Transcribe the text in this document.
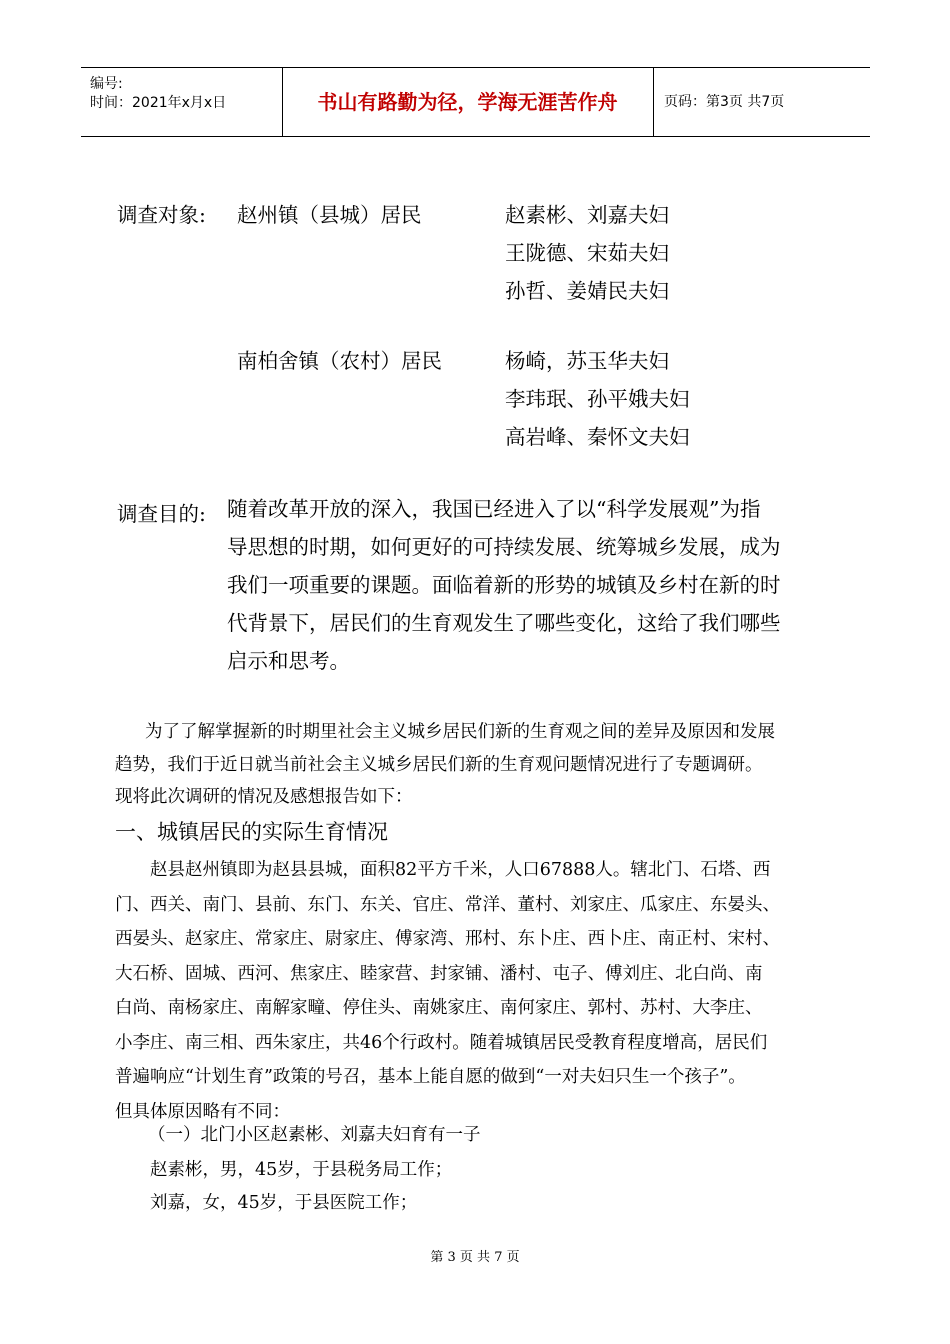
编号:
时间：2021年x月x日	书山有路勤为径，学海无涯苦作舟	页码：第3页 共7页
调查对象: 赵州镇（县城）居民	赵素彬、刘嘉夫妇
王陇德、宋茹夫妇
孙哲、姜婧民夫妇
南柏舍镇（农村）居民	杨崎，苏玉华夫妇
李玮珉、孙平娥夫妇
高岩峰、秦怀文夫妇
调查目的: 随着改革开放的深入，我国已经进入了以“科学发展观”为指
导思想的时期，如何更好的可持续发展、统筹城乡发展，成为
我们一项重要的课题。面临着新的形势的城镇及乡村在新的时
代背景下，居民们的生育观发生了哪些变化，这给了我们哪些
启示和思考。
为了了解掌握新的时期里社会主义城乡居民们新的生育观之间的差异及原因和发展
趋势，我们于近日就当前社会主义城乡居民们新的生育观问题情况进行了专题调研。
现将此次调研的情况及感想报告如下：
一、城镇居民的实际生育情况
赵县赵州镇即为赵县县城，面积82平方千米，人口67888人。辖北门、石塔、西
门、西关、南门、县前、东门、东关、官庄、常洋、董村、刘家庄、瓜家庄、东晏头、
西晏头、赵家庄、常家庄、尉家庄、傅家湾、邢村、东卜庄、西卜庄、南正村、宋村、
大石桥、固城、西河、焦家庄、睦家营、封家铺、潘村、屯子、傅刘庄、北白尚、南
白尚、南杨家庄、南解家疃、停住头、南姚家庄、南何家庄、郭村、苏村、大李庄、
小李庄、南三相、西朱家庄，共46个行政村。随着城镇居民受教育程度增高，居民们
普遍响应“计划生育”政策的号召，基本上能自愿的做到“一对夫妇只生一个孩子”。
但具体原因略有不同：
（一）北门小区赵素彬、刘嘉夫妇育有一子
赵素彬，男，45岁，于县税务局工作；
刘嘉，女，45岁，于县医院工作；
第 3 页 共 7 页
